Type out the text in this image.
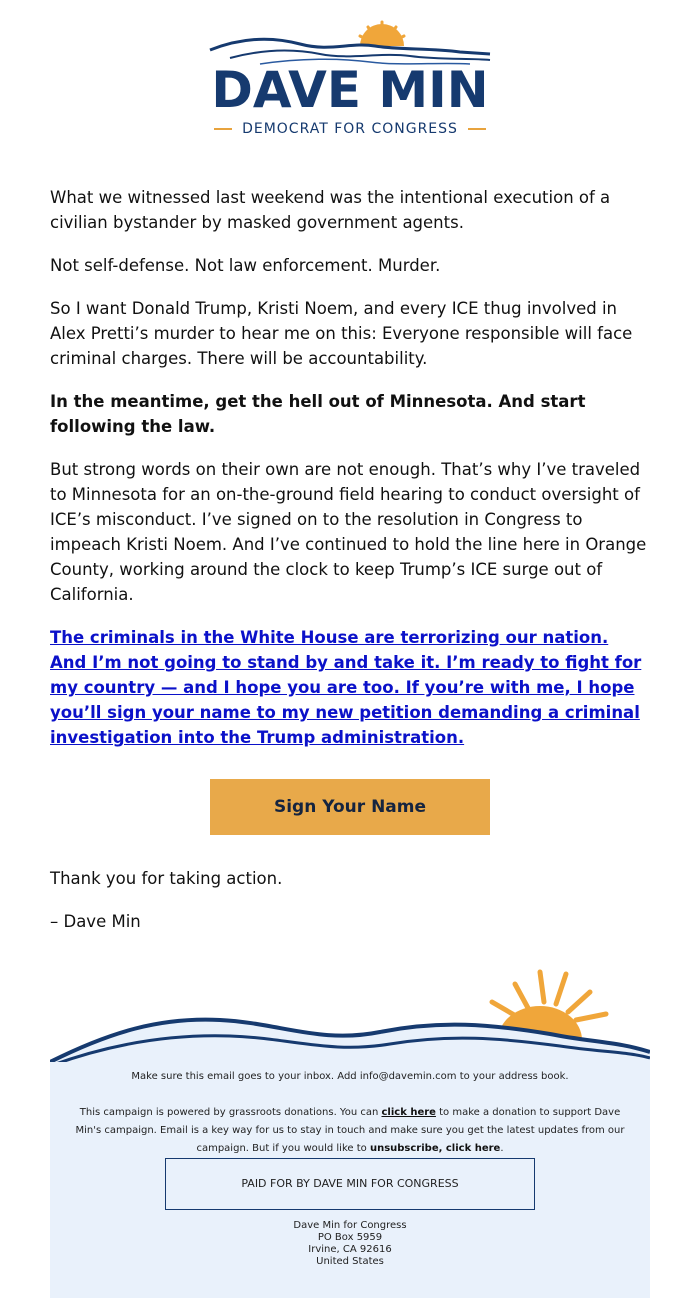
DAVE MIN
DEMOCRAT FOR CONGRESS

What we witnessed last weekend was the intentional execution of a civilian bystander by masked government agents.

Not self-defense. Not law enforcement. Murder.

So I want Donald Trump, Kristi Noem, and every ICE thug involved in Alex Pretti’s murder to hear me on this: Everyone responsible will face criminal charges. There will be accountability.

In the meantime, get the hell out of Minnesota. And start following the law.

But strong words on their own are not enough. That’s why I’ve traveled to Minnesota for an on-the-ground field hearing to conduct oversight of ICE’s misconduct. I’ve signed on to the resolution in Congress to impeach Kristi Noem. And I’ve continued to hold the line here in Orange County, working around the clock to keep Trump’s ICE surge out of California.

The criminals in the White House are terrorizing our nation. And I’m not going to stand by and take it. I’m ready to fight for my country — and I hope you are too. If you’re with me, I hope you’ll sign your name to my new petition demanding a criminal investigation into the Trump administration.

Sign Your Name

Thank you for taking action.

– Dave Min

Make sure this email goes to your inbox. Add info@davemin.com to your address book.
This campaign is powered by grassroots donations. You can click here to make a donation to support Dave Min's campaign. Email is a key way for us to stay in touch and make sure you get the latest updates from our campaign. But if you would like to unsubscribe, click here.
PAID FOR BY DAVE MIN FOR CONGRESS
Dave Min for Congress
PO Box 5959
Irvine, CA 92616
United States
